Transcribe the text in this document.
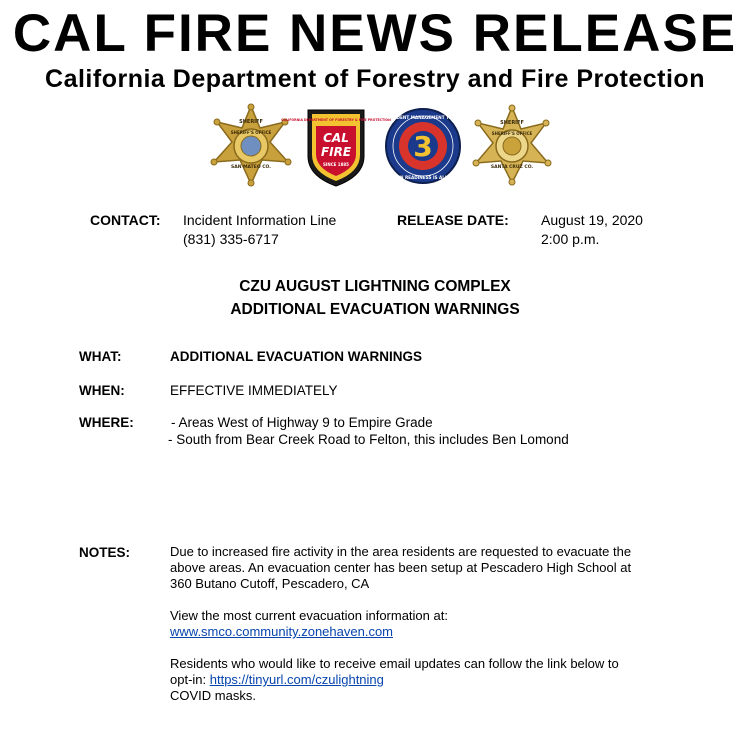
CAL FIRE NEWS RELEASE
California Department of Forestry and Fire Protection
SHERIFF
SHERIFF'S OFFICE
SAN MATEO CO.
CALIFORNIA DEPARTMENT OF FORESTRY & FIRE PROTECTION
CAL
FIRE
SINCE 1885
3
INCIDENT MANAGEMENT TEAM
IN READINESS IS ALL
SHERIFF
SHERIFF'S OFFICE
SANTA CRUZ CO.
CONTACT: Incident Information Line
(831) 335-6717
RELEASE DATE: August 19, 2020
2:00 p.m.
CZU AUGUST LIGHTNING COMPLEX
ADDITIONAL EVACUATION WARNINGS
WHAT:	ADDITIONAL EVACUATION WARNINGS
WHEN:	EFFECTIVE IMMEDIATELY
WHERE:	- Areas West of Highway 9 to Empire Grade
- South from Bear Creek Road to Felton, this includes Ben Lomond
NOTES:	Due to increased fire activity in the area residents are requested to evacuate the
above areas. An evacuation center has been setup at Pescadero High School at
360 Butano Cutoff, Pescadero, CA
View the most current evacuation information at:
www.smco.community.zonehaven.com
Residents who would like to receive email updates can follow the link below to
opt-in: https://tinyurl.com/czulightning
COVID masks.
